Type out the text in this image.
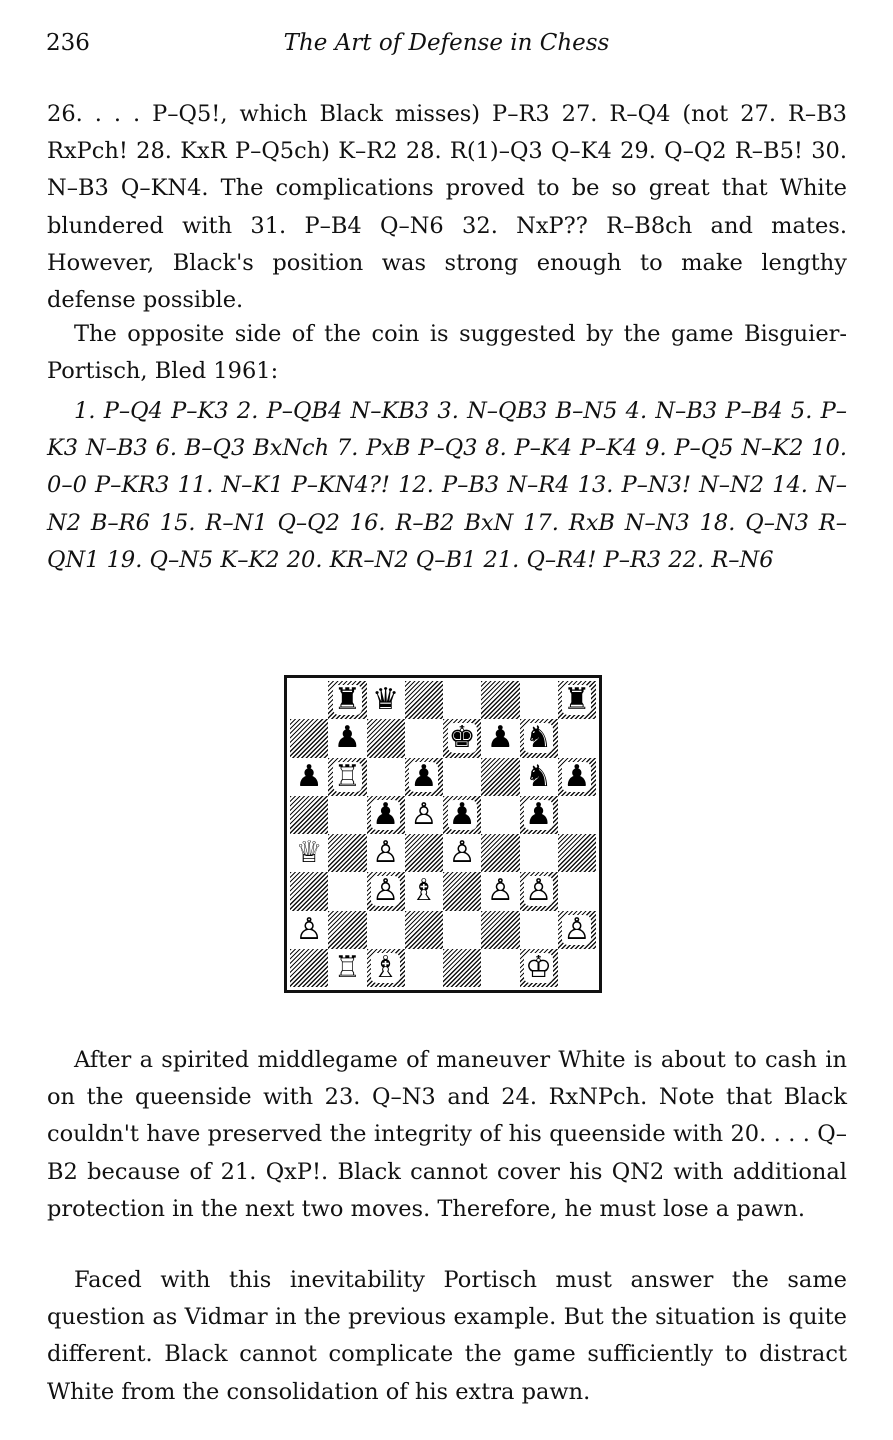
236	The Art of Defense in Chess

26. . . . P–Q5!, which Black misses) P–R3 27. R–Q4 (not 27. R–B3 RxPch! 28. KxR P–Q5ch) K–R2 28. R(1)–Q3 Q–K4 29. Q–Q2 R–B5! 30. N–B3 Q–KN4. The complications proved to be so great that White blundered with 31. P–B4 Q–N6 32. NxP?? R–B8ch and mates. However, Black's position was strong enough to make lengthy defense possible.

The opposite side of the coin is suggested by the game Bisguier-Portisch, Bled 1961:

1. P–Q4 P–K3 2. P–QB4 N–KB3 3. N–QB3 B–N5 4. N–B3 P–B4 5. P–K3 N–B3 6. B–Q3 BxNch 7. PxB P–Q3 8. P–K4 P–K4 9. P–Q5 N–K2 10. 0–0 P–KR3 11. N–K1 P–KN4?! 12. P–B3 N–R4 13. P–N3! N–N2 14. N–N2 B–R6 15. R–N1 Q–Q2 16. R–B2 BxN 17. RxB N–N3 18. Q–N3 R–QN1 19. Q–N5 K–K2 20. KR–N2 Q–B1 21. Q–R4! P–R3 22. R–N6

♜ ♛	♜
♟	♚ ♟ ♞
♟ ♖ ♟	♞ ♟
♟ ♙ ♟ ♟
♕ ♙ ♙
♙ ♗ ♙ ♙
♙	♙
♖ ♗	♔

After a spirited middlegame of maneuver White is about to cash in on the queenside with 23. Q–N3 and 24. RxNPch. Note that Black couldn't have preserved the integrity of his queenside with 20. . . . Q–B2 because of 21. QxP!. Black cannot cover his QN2 with additional protection in the next two moves. Therefore, he must lose a pawn.

Faced with this inevitability Portisch must answer the same question as Vidmar in the previous example. But the situation is quite different. Black cannot complicate the game sufficiently to distract White from the consolidation of his extra pawn.
